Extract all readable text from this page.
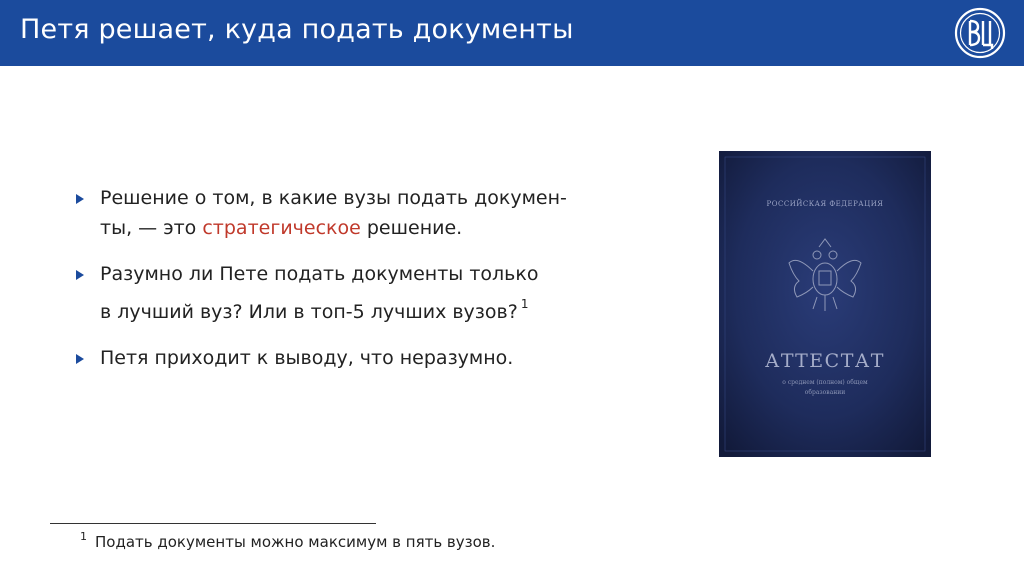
Петя решает, куда подать документы
Решение о том, в какие вузы подать докумен-
ты, — это стратегическое решение.
Разумно ли Пете подать документы только
в лучший вуз? Или в топ-5 лучших вузов? $^1$
Петя приходит к выводу, что неразумно.
РОССИЙСКАЯ ФЕДЕРАЦИЯ
АТТЕСТАТ
о среднем (полном) общем
образовании
$^1$ Подать документы можно максимум в пять вузов.
